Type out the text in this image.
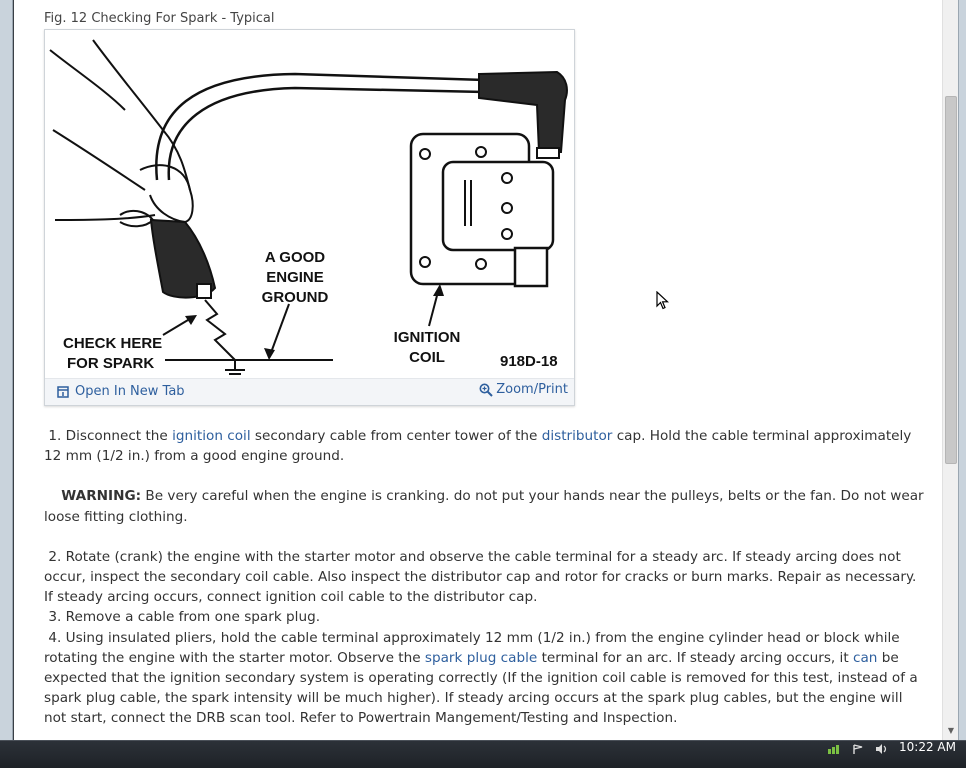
Fig. 12 Checking For Spark - Typical
A GOOD
ENGINE
GROUND
CHECK HERE
FOR SPARK
IGNITION
COIL	918D-18
Open In New Tab	Zoom/Print

1. Disconnect the ignition coil secondary cable from center tower of the distributor cap. Hold the cable terminal approximately 12 mm (1/2 in.) from a good engine ground.

WARNING: Be very careful when the engine is cranking. do not put your hands near the pulleys, belts or the fan. Do not wear loose fitting clothing.

2. Rotate (crank) the engine with the starter motor and observe the cable terminal for a steady arc. If steady arcing does not occur, inspect the secondary coil cable. Also inspect the distributor cap and rotor for cracks or burn marks. Repair as necessary. If steady arcing occurs, connect ignition coil cable to the distributor cap.

3. Remove a cable from one spark plug.

4. Using insulated pliers, hold the cable terminal approximately 12 mm (1/2 in.) from the engine cylinder head or block while rotating the engine with the starter motor. Observe the spark plug cable terminal for an arc. If steady arcing occurs, it can be expected that the ignition secondary system is operating correctly (If the ignition coil cable is removed for this test, instead of a spark plug cable, the spark intensity will be much higher). If steady arcing occurs at the spark plug cables, but the engine will not start, connect the DRB scan tool. Refer to Powertrain Mangement/Testing and Inspection.

▼
10:22 AM
